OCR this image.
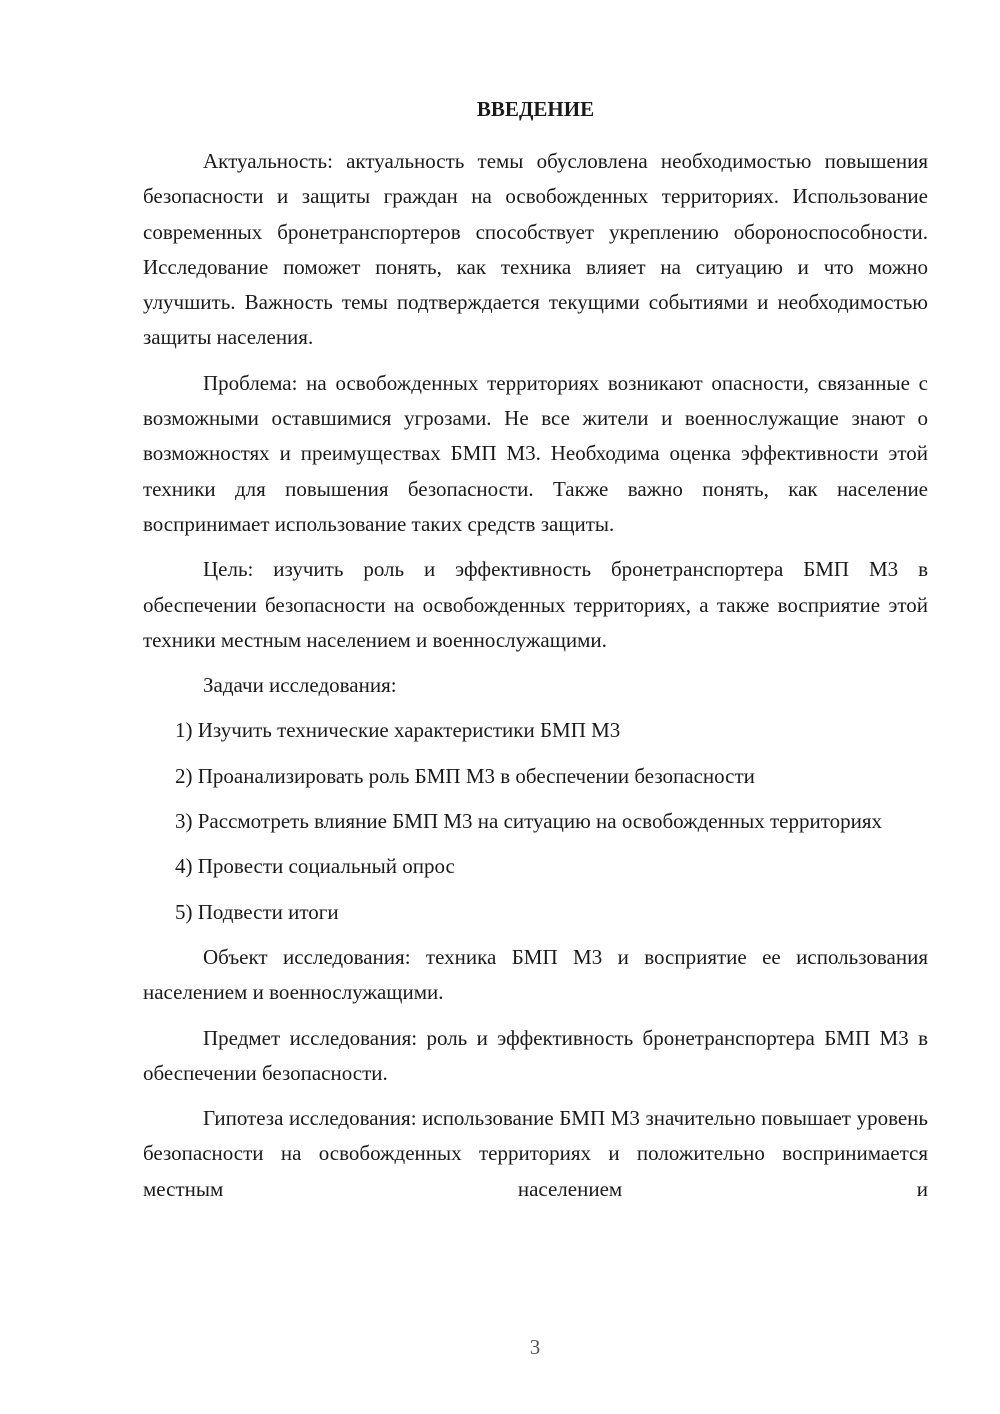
ВВЕДЕНИЕ

Актуальность: актуальность темы обусловлена необходимостью повышения безопасности и защиты граждан на освобожденных территориях. Использование современных бронетранспортеров способствует укреплению обороноспособности. Исследование поможет понять, как техника влияет на ситуацию и что можно улучшить. Важность темы подтверждается текущими событиями и необходимостью защиты населения.

Проблема: на освобожденных территориях возникают опасности, связанные с возможными оставшимися угрозами. Не все жители и военнослужащие знают о возможностях и преимуществах БМП М3. Необходима оценка эффективности этой техники для повышения безопасности. Также важно понять, как население воспринимает использование таких средств защиты.

Цель: изучить роль и эффективность бронетранспортера БМП М3 в обеспечении безопасности на освобожденных территориях, а также восприятие этой техники местным населением и военнослужащими.

Задачи исследования:

1) Изучить технические характеристики БМП М3

2) Проанализировать роль БМП М3 в обеспечении безопасности

3) Рассмотреть влияние БМП М3 на ситуацию на освобожденных территориях

4) Провести социальный опрос

5) Подвести итоги

Объект исследования: техника БМП М3 и восприятие ее использования населением и военнослужащими.

Предмет исследования: роль и эффективность бронетранспортера БМП М3 в обеспечении безопасности.

Гипотеза исследования: использование БМП М3 значительно повышает уровень безопасности на освобожденных территориях и положительно воспринимается местным населением и

3
